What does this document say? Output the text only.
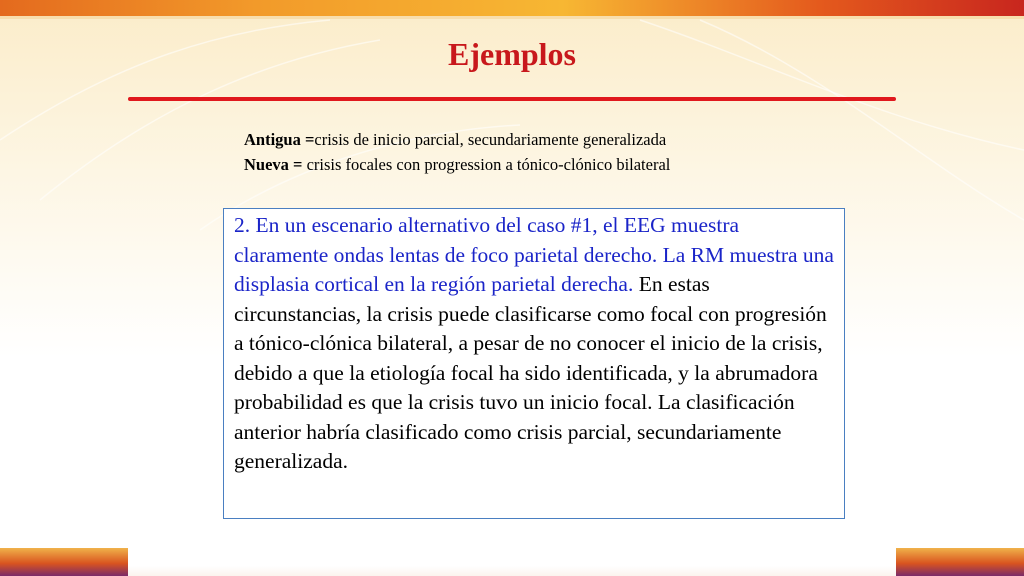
Ejemplos
Antigua =crisis de inicio parcial, secundariamente generalizada
Nueva = crisis focales con progression a tónico-clónico bilateral

2. En un escenario alternativo del caso #1, el EEG muestra claramente ondas lentas de foco parietal derecho. La RM muestra una displasia cortical en la región parietal derecha. En estas circunstancias, la crisis puede clasificarse como focal con progresión a tónico-clónica bilateral, a pesar de no conocer el inicio de la crisis, debido a que la etiología focal ha sido identificada, y la abrumadora probabilidad es que la crisis tuvo un inicio focal. La clasificación anterior habría clasificado como crisis parcial, secundariamente generalizada.
